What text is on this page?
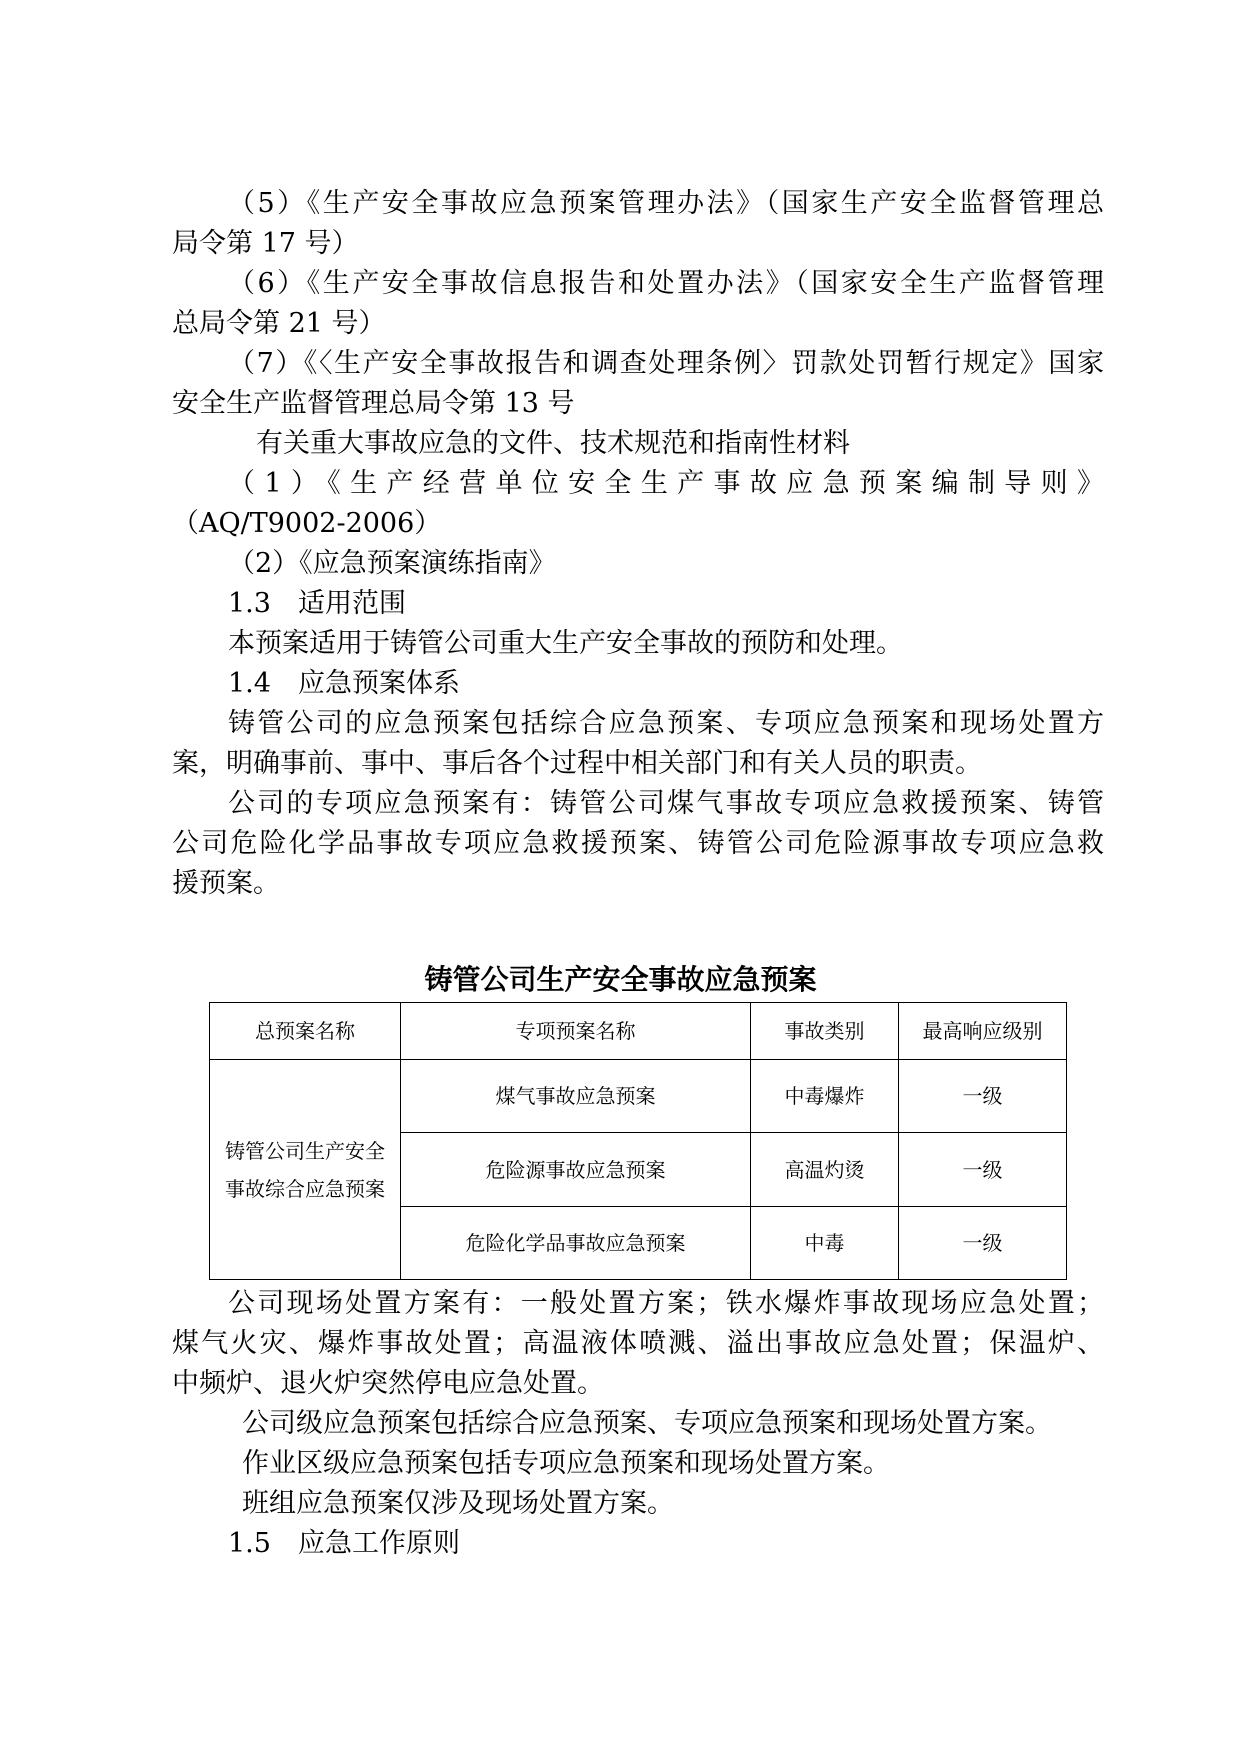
（5）《生产安全事故应急预案管理办法》（国家生产安全监督管理总
局令第 17 号）
（6）《生产安全事故信息报告和处置办法》（国家安全生产监督管理
总局令第 21 号）
（7）《〈生产安全事故报告和调查处理条例〉罚款处罚暂行规定》国家
安全生产监督管理总局令第 13 号
有关重大事故应急的文件、技术规范和指南性材料
（1）《生产经营单位安全生产事故应急预案编制导则》
（AQ/T9002-2006）
（2）《应急预案演练指南》
1.3　适用范围
本预案适用于铸管公司重大生产安全事故的预防和处理。
1.4　应急预案体系
铸管公司的应急预案包括综合应急预案、专项应急预案和现场处置方
案，明确事前、事中、事后各个过程中相关部门和有关人员的职责。
公司的专项应急预案有：铸管公司煤气事故专项应急救援预案、铸管
公司危险化学品事故专项应急救援预案、铸管公司危险源事故专项应急救
援预案。
铸管公司生产安全事故应急预案
总预案名称	专项预案名称	事故类别	最高响应级别
铸管公司生产安全事故综合应急预案	煤气事故应急预案	中毒爆炸	一级
	危险源事故应急预案	高温灼烫	一级
	危险化学品事故应急预案	中毒	一级
公司现场处置方案有：一般处置方案；铁水爆炸事故现场应急处置；
煤气火灾、爆炸事故处置；高温液体喷溅、溢出事故应急处置；保温炉、
中频炉、退火炉突然停电应急处置。
公司级应急预案包括综合应急预案、专项应急预案和现场处置方案。
作业区级应急预案包括专项应急预案和现场处置方案。
班组应急预案仅涉及现场处置方案。
1.5　应急工作原则
